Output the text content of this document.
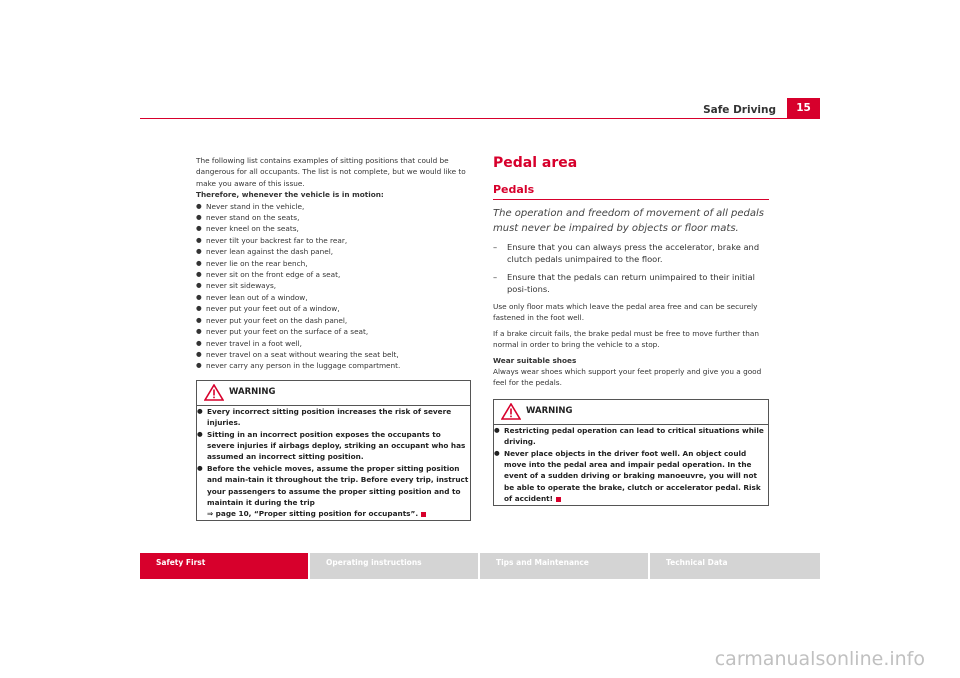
Safe Driving	15

The following list contains examples of sitting positions that could be dangerous for all occupants. The list is not complete, but we would like to make you aware of this issue.

Therefore, whenever the vehicle is in motion:

● Never stand in the vehicle,
● never stand on the seats,
● never kneel on the seats,
● never tilt your backrest far to the rear,
● never lean against the dash panel,
● never lie on the rear bench,
● never sit on the front edge of a seat,
● never sit sideways,
● never lean out of a window,
● never put your feet out of a window,
● never put your feet on the dash panel,
● never put your feet on the surface of a seat,
● never travel in a foot well,
● never travel on a seat without wearing the seat belt,
● never carry any person in the luggage compartment.
WARNING
● Every incorrect sitting position increases the risk of severe injuries.
● Sitting in an incorrect position exposes the occupants to severe injuries if airbags deploy, striking an occupant who has assumed an incorrect sitting position.
● Before the vehicle moves, assume the proper sitting position and main-tain it throughout the trip. Before every trip, instruct your passengers to assume the proper sitting position and to maintain it during the trip
⇒ page 10, “Proper sitting position for occupants”.
Pedal area
Pedals
The operation and freedom of movement of all pedals must never be impaired by objects or floor mats.
– Ensure that you can always press the accelerator, brake and clutch pedals unimpaired to the floor.
– Ensure that the pedals can return unimpaired to their initial posi-tions.

Use only floor mats which leave the pedal area free and can be securely fastened in the foot well.

If a brake circuit fails, the brake pedal must be free to move further than normal in order to bring the vehicle to a stop.

Wear suitable shoes

Always wear shoes which support your feet properly and give you a good feel for the pedals.

WARNING
● Restricting pedal operation can lead to critical situations while driving.
● Never place objects in the driver foot well. An object could move into the pedal area and impair pedal operation. In the event of a sudden driving or braking manoeuvre, you will not be able to operate the brake, clutch or accelerator pedal. Risk of accident!
Safety First	Operating instructions	Tips and Maintenance	Technical Data
carmanualsonline.info
